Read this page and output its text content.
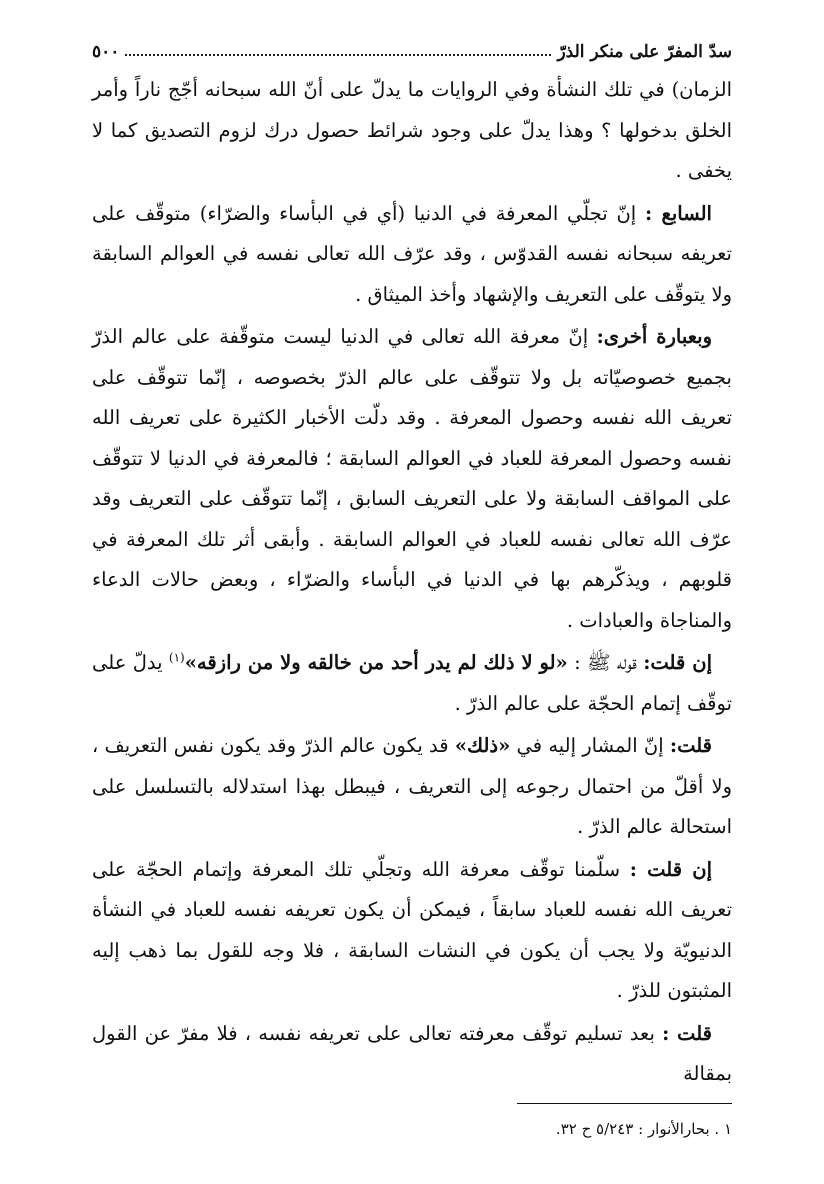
سدّ المفرّ على منكر الذرّ
٥٠٠

الزمان) في تلك النشأة وفي الروايات ما يدلّ على أنّ الله سبحانه أجّج ناراً وأمر الخلق بدخولها ؟ وهذا يدلّ على وجود شرائط حصول درك لزوم التصديق كما لا يخفى .

السابع : إنّ تجلّي المعرفة في الدنيا (أي في البأساء والضرّاء) متوقّف على تعريفه سبحانه نفسه القدوّس ، وقد عرّف الله تعالى نفسه في العوالم السابقة ولا يتوقّف على التعريف والإشهاد وأخذ الميثاق .

وبعبارة أخرى: إنّ معرفة الله تعالى في الدنيا ليست متوقّفة على عالم الذرّ بجميع خصوصيّاته بل ولا تتوقّف على عالم الذرّ بخصوصه ، إنّما تتوقّف على تعريف الله نفسه وحصول المعرفة . وقد دلّت الأخبار الكثيرة على تعريف الله نفسه وحصول المعرفة للعباد في العوالم السابقة ؛ فالمعرفة في الدنيا لا تتوقّف على المواقف السابقة ولا على التعريف السابق ، إنّما تتوقّف على التعريف وقد عرّف الله تعالى نفسه للعباد في العوالم السابقة . وأبقى أثر تلك المعرفة في قلوبهم ، ويذكّرهم بها في الدنيا في البأساء والضرّاء ، وبعض حالات الدعاء والمناجاة والعبادات .

إن قلت: قوله ﷺ : «لو لا ذلك لم يدر أحد من خالقه ولا من رازقه»$^{(١)}$ يدلّ على توقّف إتمام الحجّة على عالم الذرّ .

قلت: إنّ المشار إليه في «ذلك» قد يكون عالم الذرّ وقد يكون نفس التعريف ، ولا أقلّ من احتمال رجوعه إلى التعريف ، فيبطل بهذا استدلاله بالتسلسل على استحالة عالم الذرّ .

إن قلت : سلّمنا توقّف معرفة الله وتجلّي تلك المعرفة وإتمام الحجّة على تعريف الله نفسه للعباد سابقاً ، فيمكن أن يكون تعريفه نفسه للعباد في النشأة الدنيويّة ولا يجب أن يكون في النشات السابقة ، فلا وجه للقول بما ذهب إليه المثبتون للذرّ .

قلت : بعد تسليم توقّف معرفته تعالى على تعريفه نفسه ، فلا مفرّ عن القول بمقالة

١ . بحارالأنوار : ٥/٢٤٣ ح ٣٢.
